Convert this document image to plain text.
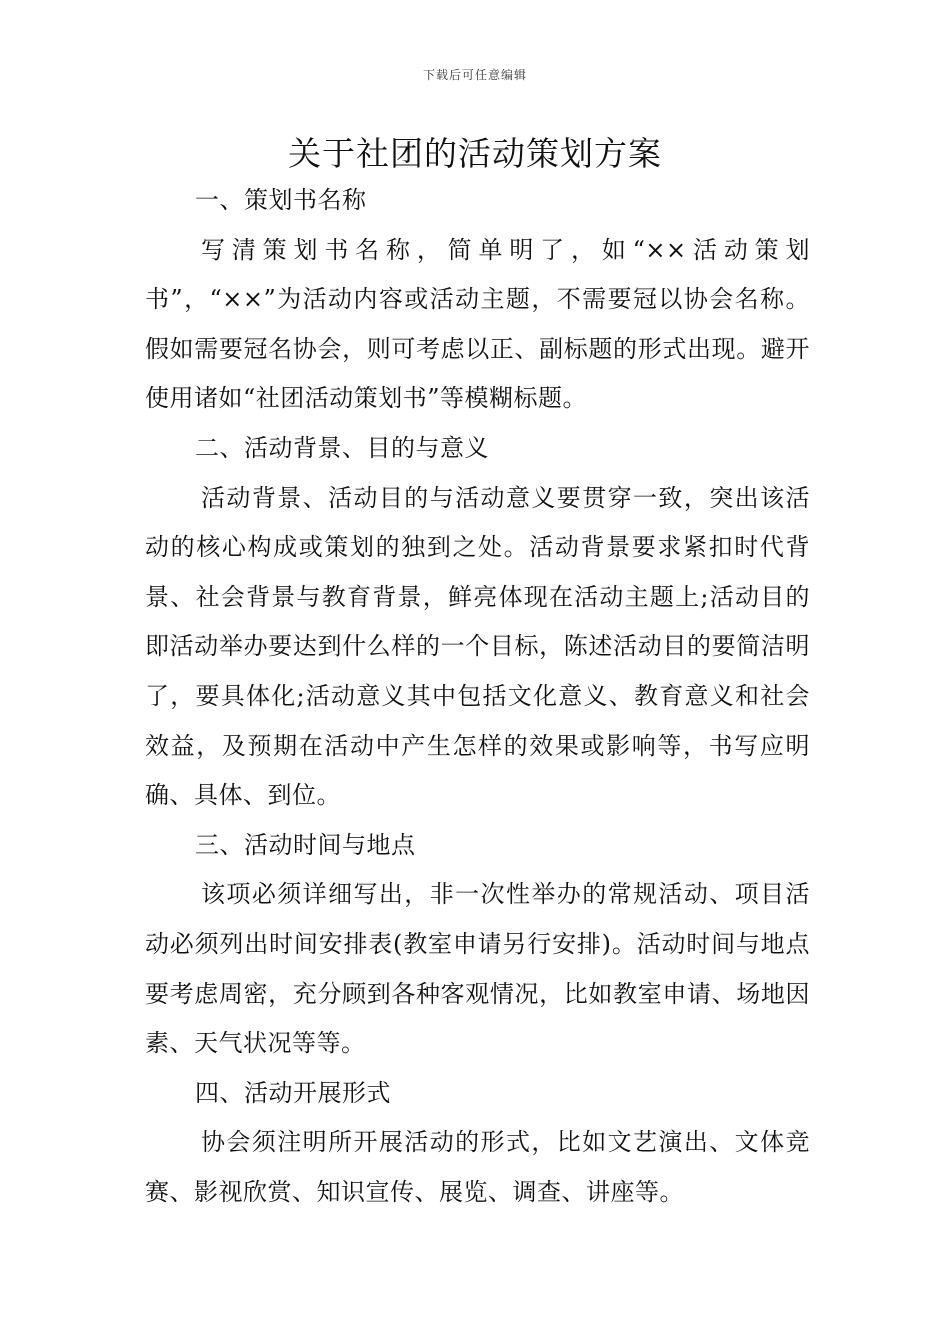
下载后可任意编辑
关于社团的活动策划方案

一、策划书名称

写清策划书名称，简单明了，如“××活动策划书”，“××”为活动内容或活动主题，不需要冠以协会名称。假如需要冠名协会，则可考虑以正、副标题的形式出现。避开使用诸如“社团活动策划书”等模糊标题。

二、活动背景、目的与意义

活动背景、活动目的与活动意义要贯穿一致，突出该活动的核心构成或策划的独到之处。活动背景要求紧扣时代背景、社会背景与教育背景，鲜亮体现在活动主题上;活动目的即活动举办要达到什么样的一个目标，陈述活动目的要简洁明了，要具体化;活动意义其中包括文化意义、教育意义和社会效益，及预期在活动中产生怎样的效果或影响等，书写应明确、具体、到位。

三、活动时间与地点

该项必须详细写出，非一次性举办的常规活动、项目活动必须列出时间安排表(教室申请另行安排)。活动时间与地点要考虑周密，充分顾到各种客观情况，比如教室申请、场地因素、天气状况等等。

四、活动开展形式

协会须注明所开展活动的形式，比如文艺演出、文体竞赛、影视欣赏、知识宣传、展览、调查、讲座等。
